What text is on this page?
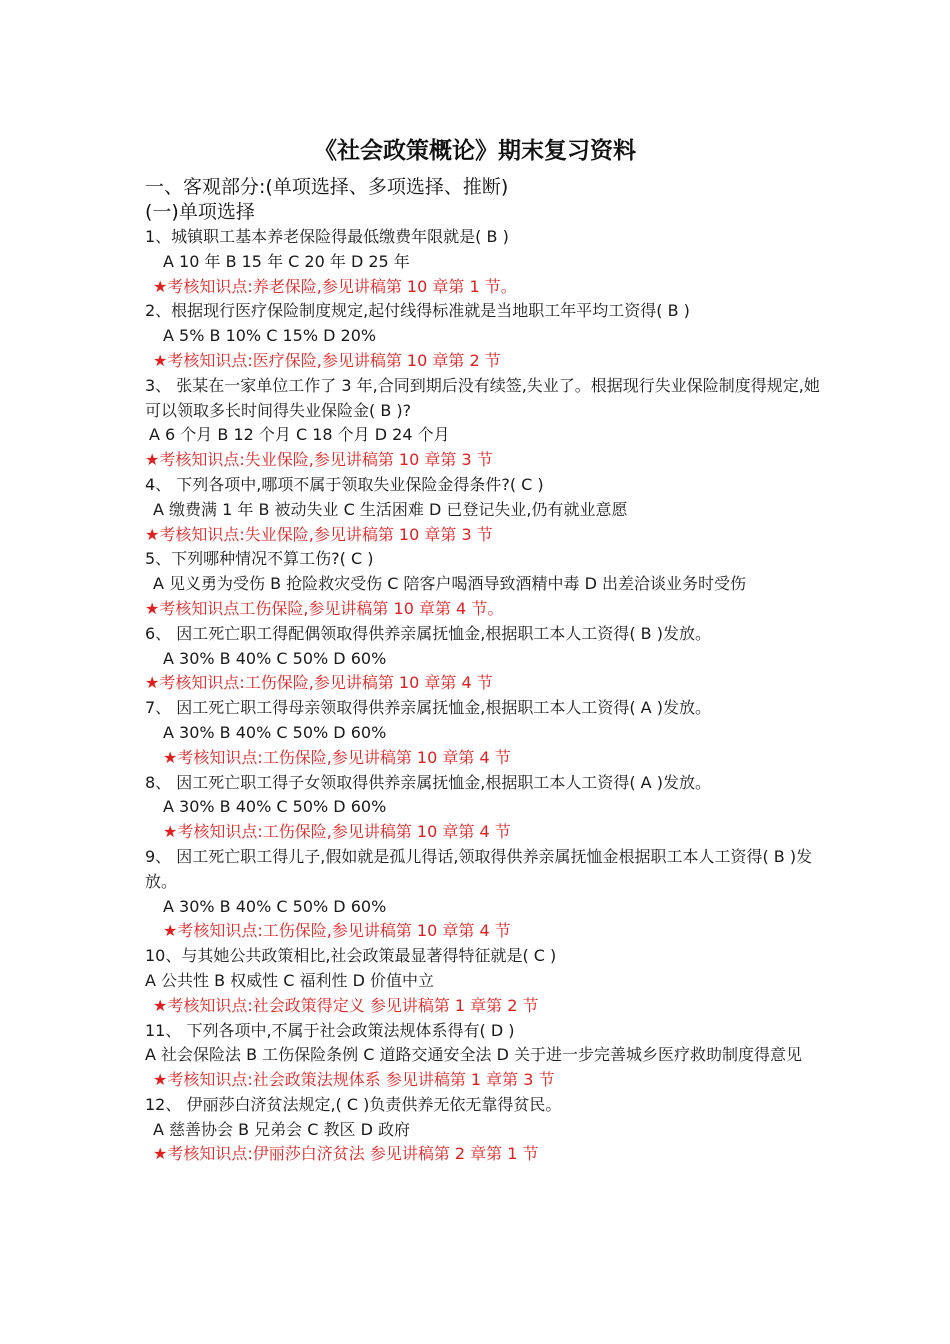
《社会政策概论》期末复习资料
一、客观部分:(单项选择、多项选择、推断)
(一)单项选择
1、城镇职工基本养老保险得最低缴费年限就是( B )
A 10 年 B 15 年 C 20 年 D 25 年
★考核知识点:养老保险,参见讲稿第 10 章第 1 节。
2、根据现行医疗保险制度规定,起付线得标准就是当地职工年平均工资得( B )
A 5% B 10% C 15% D 20%
★考核知识点:医疗保险,参见讲稿第 10 章第 2 节
3、 张某在一家单位工作了 3 年,合同到期后没有续签,失业了。根据现行失业保险制度得规定,她可以领取多长时间得失业保险金( B )?
A 6 个月 B 12 个月 C 18 个月 D 24 个月
★考核知识点:失业保险,参见讲稿第 10 章第 3 节
4、 下列各项中,哪项不属于领取失业保险金得条件?( C )
A 缴费满 1 年 B 被动失业 C 生活困难 D 已登记失业,仍有就业意愿
★考核知识点:失业保险,参见讲稿第 10 章第 3 节
5、下列哪种情况不算工伤?( C )
A 见义勇为受伤 B 抢险救灾受伤 C 陪客户喝酒导致酒精中毒 D 出差洽谈业务时受伤
★考核知识点工伤保险,参见讲稿第 10 章第 4 节。
6、 因工死亡职工得配偶领取得供养亲属抚恤金,根据职工本人工资得( B )发放。
A 30% B 40% C 50% D 60%
★考核知识点:工伤保险,参见讲稿第 10 章第 4 节
7、 因工死亡职工得母亲领取得供养亲属抚恤金,根据职工本人工资得( A )发放。
A 30% B 40% C 50% D 60%
★考核知识点:工伤保险,参见讲稿第 10 章第 4 节
8、 因工死亡职工得子女领取得供养亲属抚恤金,根据职工本人工资得( A )发放。
A 30% B 40% C 50% D 60%
★考核知识点:工伤保险,参见讲稿第 10 章第 4 节
9、 因工死亡职工得儿子,假如就是孤儿得话,领取得供养亲属抚恤金根据职工本人工资得( B )发放。
A 30% B 40% C 50% D 60%
★考核知识点:工伤保险,参见讲稿第 10 章第 4 节
10、与其她公共政策相比,社会政策最显著得特征就是( C )
A 公共性 B 权威性 C 福利性 D 价值中立
★考核知识点:社会政策得定义 参见讲稿第 1 章第 2 节
11、 下列各项中,不属于社会政策法规体系得有( D )
A 社会保险法 B 工伤保险条例 C 道路交通安全法 D 关于进一步完善城乡医疗救助制度得意见
★考核知识点:社会政策法规体系 参见讲稿第 1 章第 3 节
12、 伊丽莎白济贫法规定,( C )负责供养无依无靠得贫民。
A 慈善协会 B 兄弟会 C 教区 D 政府
★考核知识点:伊丽莎白济贫法 参见讲稿第 2 章第 1 节
